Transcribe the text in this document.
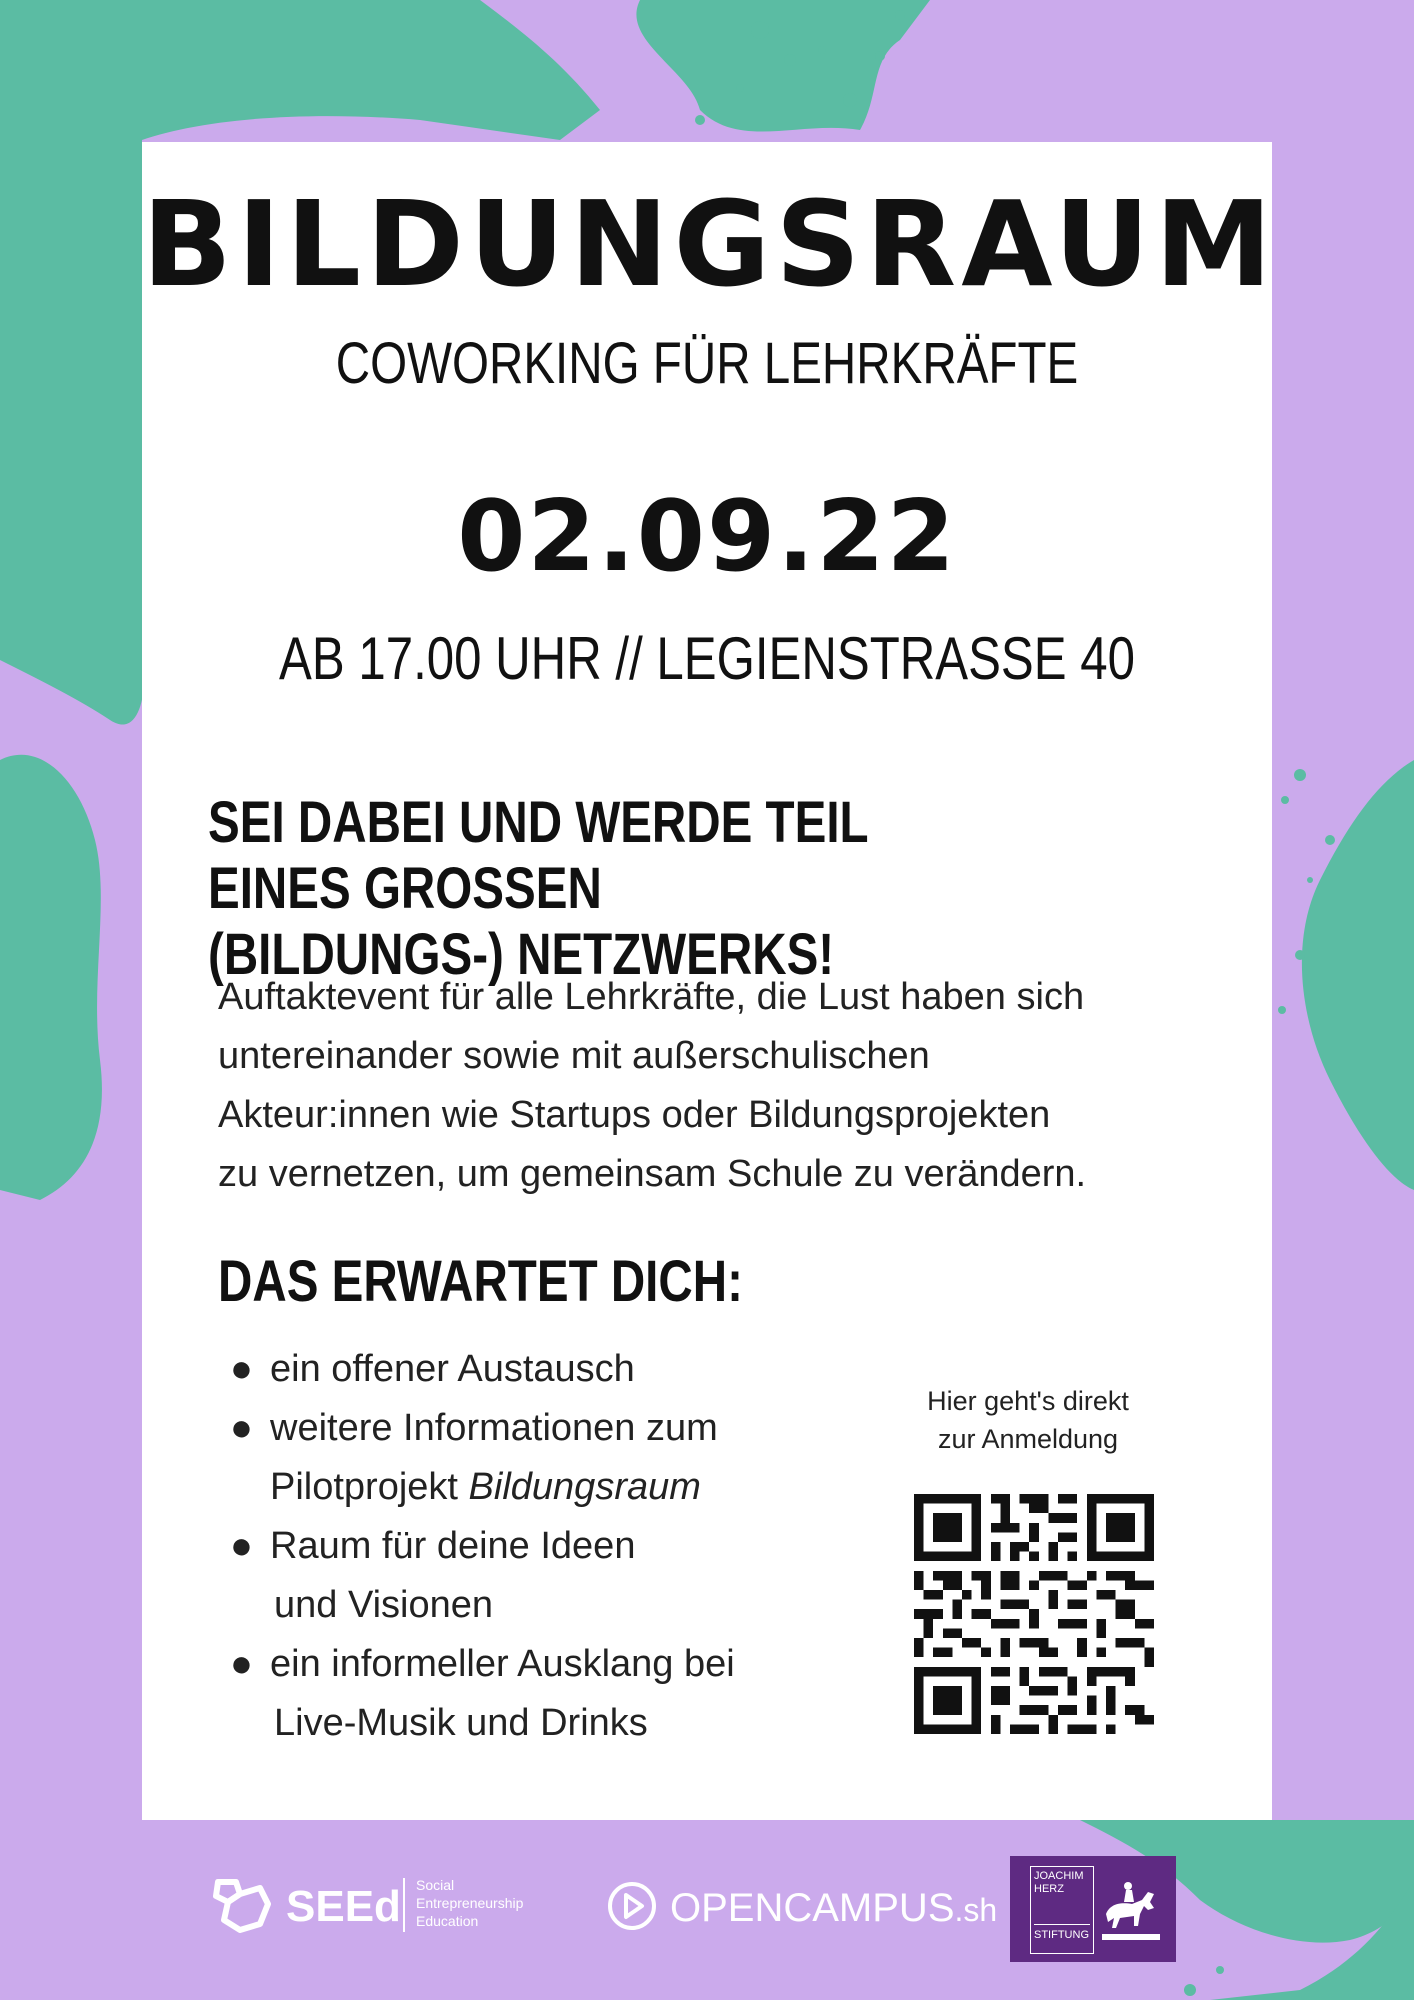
BILDUNGSRAUM
COWORKING FÜR LEHRKRÄFTE
02.09.22
AB 17.00 UHR // LEGIENSTRASSE 40
SEI DABEI UND WERDE TEIL EINES GROSSEN
(BILDUNGS-) NETZWERKS!
Auftaktevent für alle Lehrkräfte, die Lust haben sich
untereinander sowie mit außerschulischen
Akteur:innen wie Startups oder Bildungsprojekten
zu vernetzen, um gemeinsam Schule zu verändern.
DAS ERWARTET DICH:
● ein offener Austausch
● weitere Informationen zum
Pilotprojekt Bildungsraum
● Raum für deine Ideen
und Visionen
● ein informeller Ausklang bei
Live-Musik und Drinks
Hier geht's direkt
zur Anmeldung
SEEd Social
Entrepreneurship
Education	OPENCAMPUS.sh
JOACHIM
HERZ
STIFTUNG
